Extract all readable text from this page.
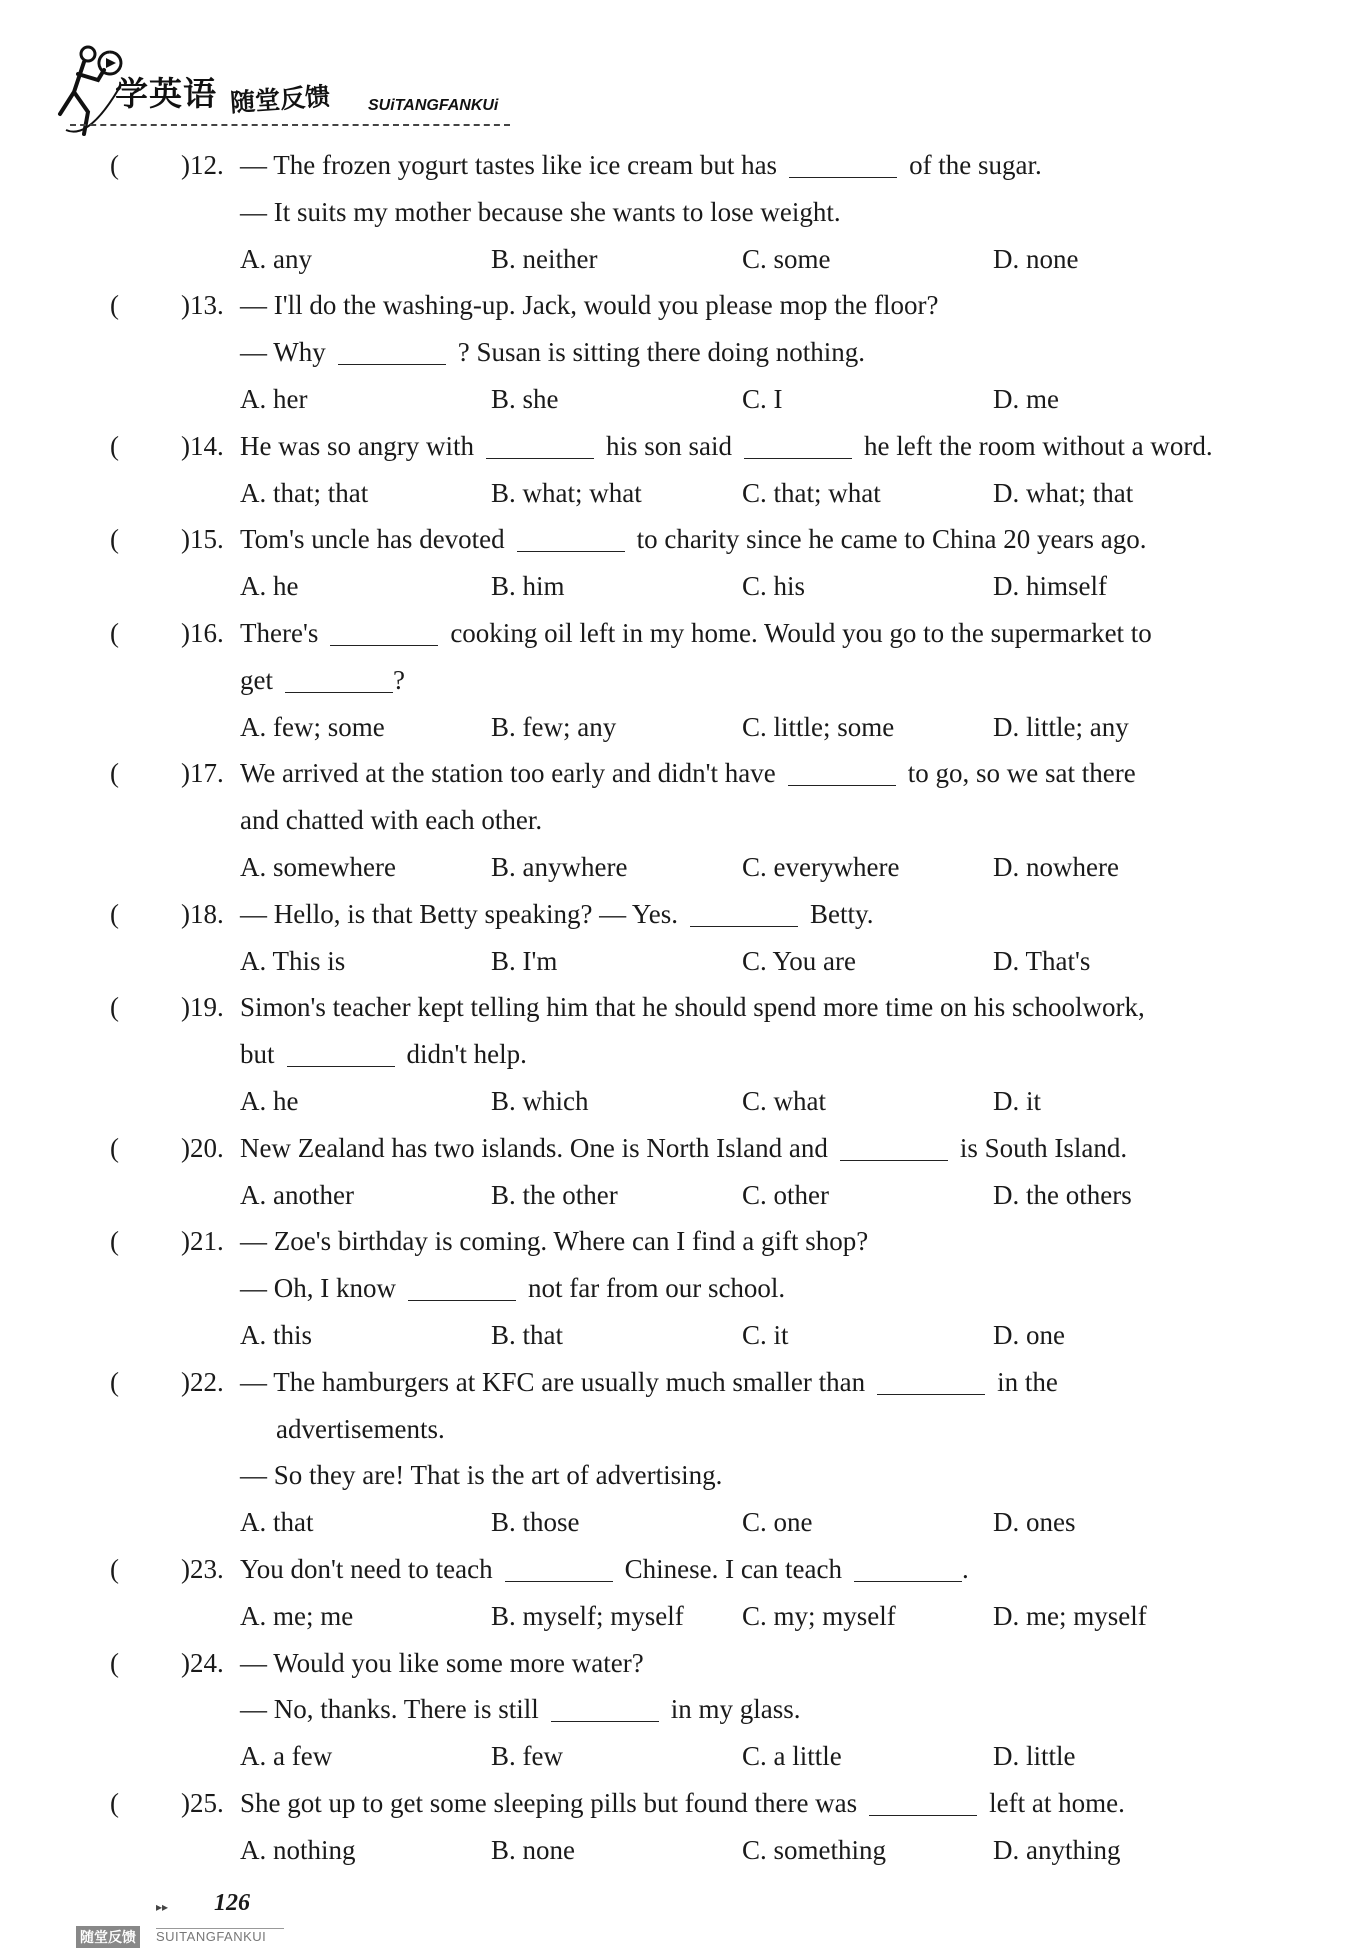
学英语 随堂反馈 SUiTANGFANKUi
( )12. — The frozen yogurt tastes like ice cream but has	of the sugar.
— It suits my mother because she wants to lose weight.
A. any	B. neither	C. some	D. none
( )13. — I'll do the washing-up. Jack, would you please mop the floor?
— Why	? Susan is sitting there doing nothing.
A. her	B. she	C. I	D. me
( )14. He was so angry with	his son said	he left the room without a word.
A. that; that	B. what; what	C. that; what	D. what; that
( )15. Tom's uncle has devoted	to charity since he came to China 20 years ago.
A. he	B. him	C. his	D. himself
( )16. There's	cooking oil left in my home. Would you go to the supermarket to
get	?
A. few; some	B. few; any	C. little; some	D. little; any
( )17. We arrived at the station too early and didn't have	to go, so we sat there
and chatted with each other.
A. somewhere	B. anywhere	C. everywhere	D. nowhere
( )18. — Hello, is that Betty speaking? — Yes.	Betty.
A. This is	B. I'm	C. You are	D. That's
( )19. Simon's teacher kept telling him that he should spend more time on his schoolwork,
but	didn't help.
A. he	B. which	C. what	D. it
( )20. New Zealand has two islands. One is North Island and	is South Island.
A. another	B. the other	C. other	D. the others
( )21. — Zoe's birthday is coming. Where can I find a gift shop?
— Oh, I know	not far from our school.
A. this	B. that	C. it	D. one
( )22. — The hamburgers at KFC are usually much smaller than	in the
advertisements.
— So they are! That is the art of advertising.
A. that	B. those	C. one	D. ones
( )23. You don't need to teach	Chinese. I can teach	.
A. me; me	B. myself; myself C. my; myself	D. me; myself
( )24. — Would you like some more water?
— No, thanks. There is still	in my glass.
A. a few	B. few	C. a little	D. little
( )25. She got up to get some sleeping pills but found there was	left at home.
A. nothing	B. none	C. something	D. anything
▸▸ 126
随堂反馈	SUITANGFANKUI
